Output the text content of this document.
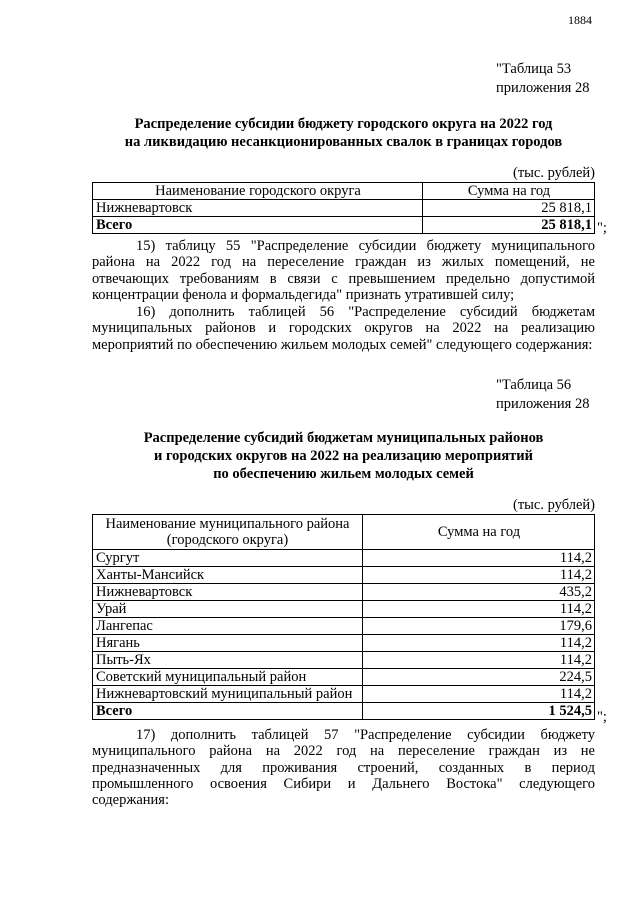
1884
"Таблица 53
приложения 28
Распределение субсидии бюджету городского округа на 2022 год
на ликвидацию несанкционированных свалок в границах городов
(тыс. рублей)
Наименование городского округа	Сумма на год
Нижневартовск	25 818,1
Всего	25 818,1 ";
15) таблицу 55 "Распределение субсидии бюджету муниципального района на 2022 год на переселение граждан из жилых помещений, не отвечающих требованиям в связи с превышением предельно допустимой концентрации фенола и формальдегида" признать утратившей силу;
16) дополнить таблицей 56 "Распределение субсидий бюджетам муниципальных районов и городских округов на 2022 на реализацию мероприятий по обеспечению жильем молодых семей" следующего содержания:
"Таблица 56
приложения 28
Распределение субсидий бюджетам муниципальных районов
и городских округов на 2022 на реализацию мероприятий
по обеспечению жильем молодых семей
(тыс. рублей)
Наименование муниципального района
(городского округа)	Сумма на год
Сургут	114,2
Ханты-Мансийск	114,2
Нижневартовск	435,2
Урай	114,2
Лангепас	179,6
Нягань	114,2
Пыть-Ях	114,2
Советский муниципальный район	224,5
Нижневартовский муниципальный район	114,2
Всего	1 524,5 ";
17) дополнить таблицей 57 "Распределение субсидии бюджету муниципального района на 2022 год на переселение граждан из не предназначенных для проживания строений, созданных в период промышленного освоения Сибири и Дальнего Востока" следующего содержания:
